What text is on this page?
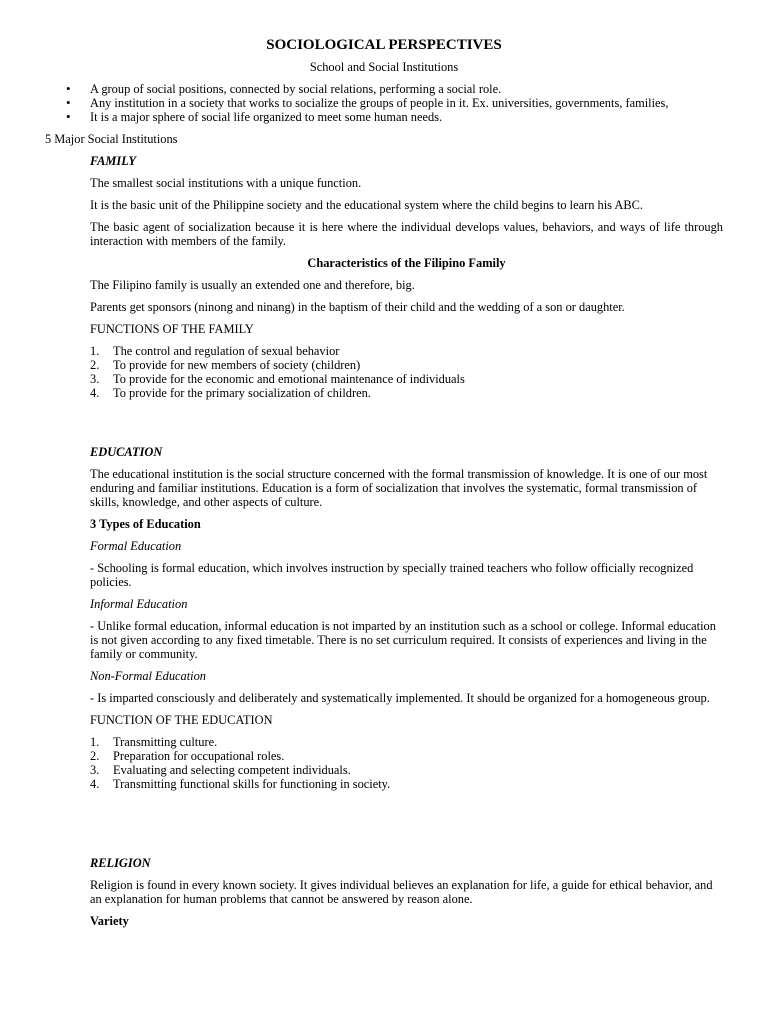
SOCIOLOGICAL PERSPECTIVES
School and Social Institutions
• A group of social positions, connected by social relations, performing a social role.
• Any institution in a society that works to socialize the groups of people in it. Ex. universities, governments, families,
• It is a major sphere of social life organized to meet some human needs.
5 Major Social Institutions
FAMILY
The smallest social institutions with a unique function.
It is the basic unit of the Philippine society and the educational system where the child begins to learn his ABC.
The basic agent of socialization because it is here where the individual develops values, behaviors, and ways of life through interaction with members of the family.
Characteristics of the Filipino Family
The Filipino family is usually an extended one and therefore, big.
Parents get sponsors (ninong and ninang) in the baptism of their child and the wedding of a son or daughter.
FUNCTIONS OF THE FAMILY
1.	The control and regulation of sexual behavior
2.	To provide for new members of society (children)
3.	To provide for the economic and emotional maintenance of individuals
4.	To provide for the primary socialization of children.
EDUCATION
The educational institution is the social structure concerned with the formal transmission of knowledge. It is one of our most enduring and familiar institutions. Education is a form of socialization that involves the systematic, formal transmission of skills, knowledge, and other aspects of culture.
3 Types of Education
Formal Education
- Schooling is formal education, which involves instruction by specially trained teachers who follow officially recognized policies.
Informal Education
- Unlike formal education, informal education is not imparted by an institution such as a school or college. Informal education is not given according to any fixed timetable. There is no set curriculum required. It consists of experiences and living in the family or community.
Non-Formal Education
- Is imparted consciously and deliberately and systematically implemented. It should be organized for a homogeneous group.
FUNCTION OF THE EDUCATION
1.	Transmitting culture.
2.	Preparation for occupational roles.
3.	Evaluating and selecting competent individuals.
4.	Transmitting functional skills for functioning in society.
RELIGION
Religion is found in every known society. It gives individual believes an explanation for life, a guide for ethical behavior, and an explanation for human problems that cannot be answered by reason alone.
Variety
